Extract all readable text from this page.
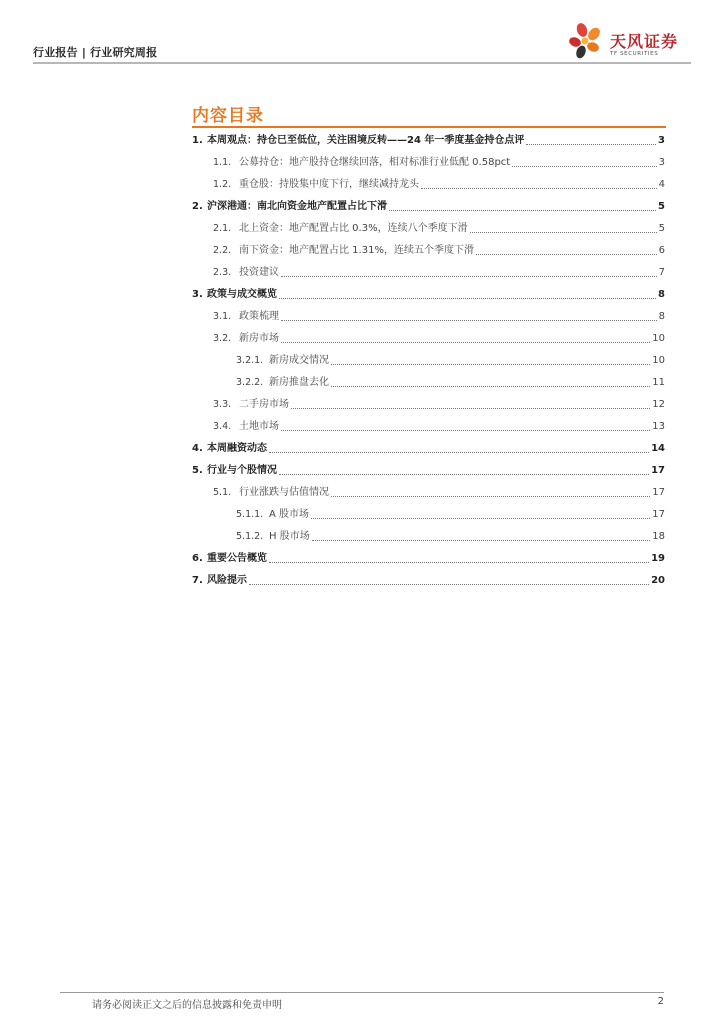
行业报告 | 行业研究周报
天风证券
TF SECURITIES
内容目录
1. 本周观点：持仓已至低位，关注困境反转——24 年一季度基金持仓点评	3
1.1. 公募持仓：地产股持仓继续回落，相对标准行业低配 0.58pct	3
1.2. 重仓股：持股集中度下行，继续减持龙头	4
2. 沪深港通：南北向资金地产配置占比下滑	5
2.1. 北上资金：地产配置占比 0.3%，连续八个季度下滑	5
2.2. 南下资金：地产配置占比 1.31%，连续五个季度下滑	6
2.3. 投资建议	7
3. 政策与成交概览	8
3.1. 政策梳理	8
3.2. 新房市场	10
3.2.1. 新房成交情况	10
3.2.2. 新房推盘去化	11
3.3. 二手房市场	12
3.4. 土地市场	13
4. 本周融资动态	14
5. 行业与个股情况	17
5.1. 行业涨跌与估值情况	17
5.1.1. A 股市场	17
5.1.2. H 股市场	18
6. 重要公告概览	19
7. 风险提示	20
请务必阅读正文之后的信息披露和免责申明	2
